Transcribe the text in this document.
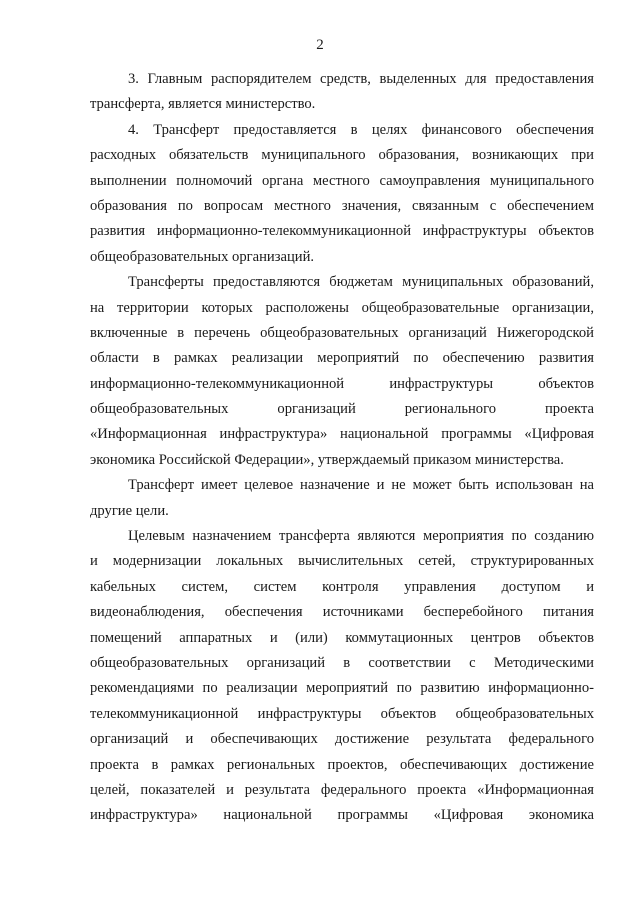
2

3. Главным распорядителем средств, выделенных для предоставления
трансферта, является министерство.

4. Трансферт предоставляется в целях финансового обеспечения
расходных обязательств муниципального образования, возникающих при
выполнении полномочий органа местного самоуправления муниципального
образования по вопросам местного значения, связанным с обеспечением
развития информационно-телекоммуникационной инфраструктуры объектов
общеобразовательных организаций.

Трансферты предоставляются бюджетам муниципальных образований,
на территории которых расположены общеобразовательные организации,
включенные в перечень общеобразовательных организаций Нижегородской
области в рамках реализации мероприятий по обеспечению развития
информационно-телекоммуникационной инфраструктуры объектов
общеобразовательных организаций регионального проекта
«Информационная инфраструктура» национальной программы «Цифровая
экономика Российской Федерации», утверждаемый приказом министерства.

Трансферт имеет целевое назначение и не может быть использован на
другие цели.

Целевым назначением трансферта являются мероприятия по созданию
и модернизации локальных вычислительных сетей, структурированных
кабельных систем, систем контроля управления доступом и
видеонаблюдения, обеспечения источниками бесперебойного питания
помещений аппаратных и (или) коммутационных центров объектов
общеобразовательных организаций в соответствии с Методическими
рекомендациями по реализации мероприятий по развитию информационно-
телекоммуникационной инфраструктуры объектов общеобразовательных
организаций и обеспечивающих достижение результата федерального
проекта в рамках региональных проектов, обеспечивающих достижение
целей, показателей и результата федерального проекта «Информационная
инфраструктура» национальной программы «Цифровая экономика
